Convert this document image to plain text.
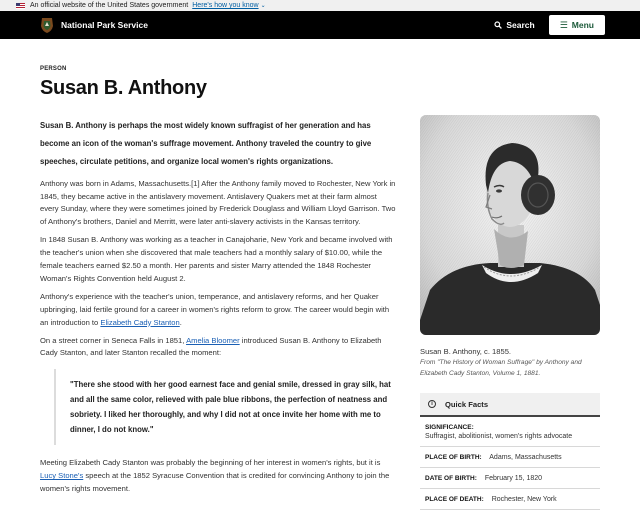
An official website of the United States government Here's how you know ⌄
National Park Service	Search	☰ Menu
PERSON
Susan B. Anthony

Susan B. Anthony is perhaps the most widely known suffragist of her generation and has become an icon of the woman's suffrage movement. Anthony traveled the country to give speeches, circulate petitions, and organize local women's rights organizations.

Anthony was born in Adams, Massachusetts.[1] After the Anthony family moved to Rochester, New York in 1845, they became active in the antislavery movement. Antislavery Quakers met at their farm almost every Sunday, where they were sometimes joined by Frederick Douglass and William Lloyd Garrison. Two of Anthony's brothers, Daniel and Merritt, were later anti-slavery activists in the Kansas territory.

In 1848 Susan B. Anthony was working as a teacher in Canajoharie, New York and became involved with the teacher's union when she discovered that male teachers had a monthly salary of $10.00, while the female teachers earned $2.50 a month. Her parents and sister Marry attended the 1848 Rochester Woman's Rights Convention held August 2.

Anthony's experience with the teacher's union, temperance, and antislavery reforms, and her Quaker upbringing, laid fertile ground for a career in women's rights reform to grow. The career would begin with an introduction to Elizabeth Cady Stanton.

On a street corner in Seneca Falls in 1851, Amelia Bloomer introduced Susan B. Anthony to Elizabeth Cady Stanton, and later Stanton recalled the moment:

"There she stood with her good earnest face and genial smile, dressed in gray silk, hat and all the same color, relieved with pale blue ribbons, the perfection of neatness and sobriety. I liked her thoroughly, and why I did not at once invite her home with me to dinner, I do not know."

Meeting Elizabeth Cady Stanton was probably the beginning of her interest in women's rights, but it is Lucy Stone's speech at the 1852 Syracuse Convention that is credited for convincing Anthony to join the women's rights movement.

Susan B. Anthony, c. 1855.
From "The History of Woman Suffrage" by Anthony and Elizabeth Cady Stanton, Volume 1, 1881.
i	Quick Facts
SIGNIFICANCE:
Suffragist, abolitionist, women's rights advocate
PLACE OF BIRTH: Adams, Massachusetts
DATE OF BIRTH: February 15, 1820
PLACE OF DEATH: Rochester, New York
